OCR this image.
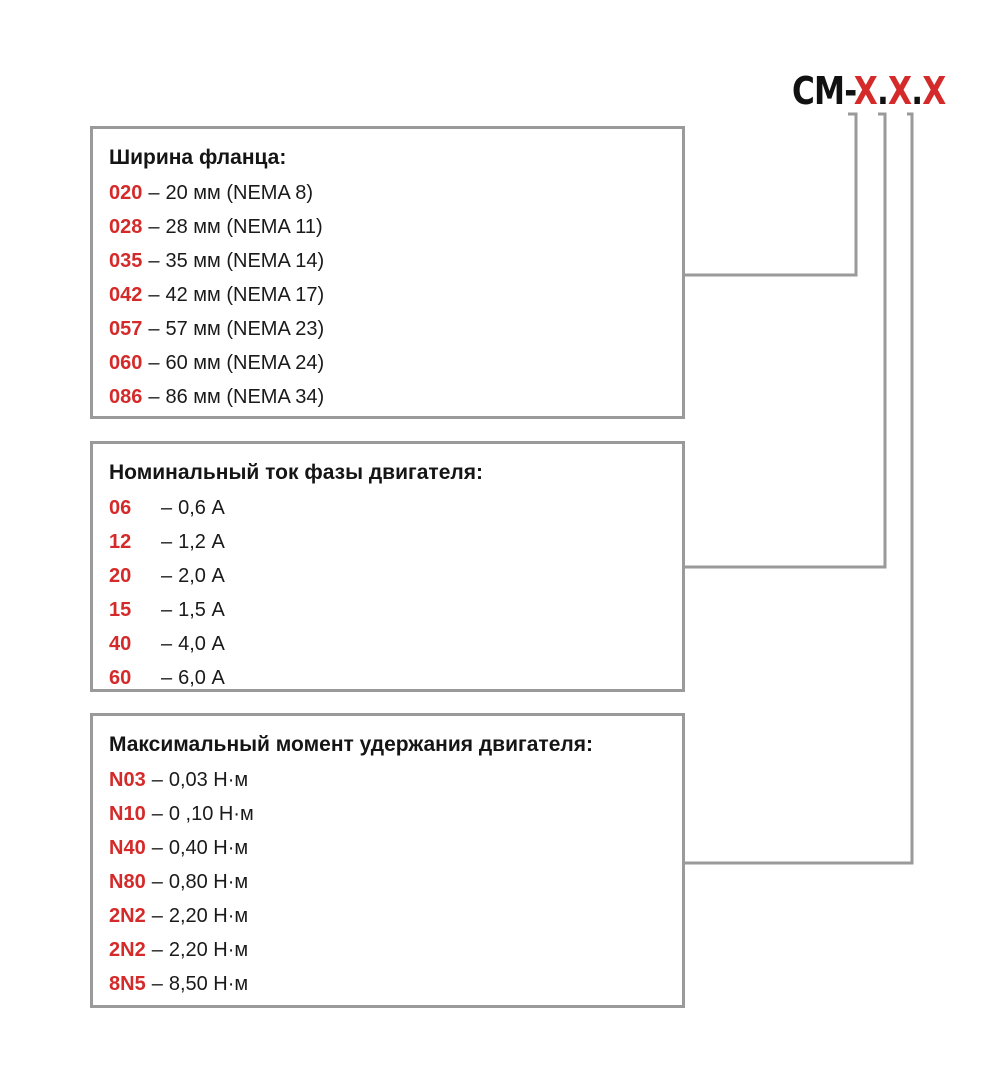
CM-X.X.X
Ширина фланца:
020 – 20 мм (NEMA 8)
028 – 28 мм (NEMA 11)
035 – 35 мм (NEMA 14)
042 – 42 мм (NEMA 17)
057 – 57 мм (NEMA 23)
060 – 60 мм (NEMA 24)
086 – 86 мм (NEMA 34)
Номинальный ток фазы двигателя:
06	– 0,6 А
12	– 1,2 А
20	– 2,0 А
15	– 1,5 А
40	– 4,0 А
60	– 6,0 А
Максимальный момент удержания двигателя:
N03 – 0,03 Н·м
N10 – 0 ,10 Н·м
N40 – 0,40 Н·м
N80 – 0,80 Н·м
2N2 – 2,20 Н·м
2N2 – 2,20 Н·м
8N5 – 8,50 Н·м
